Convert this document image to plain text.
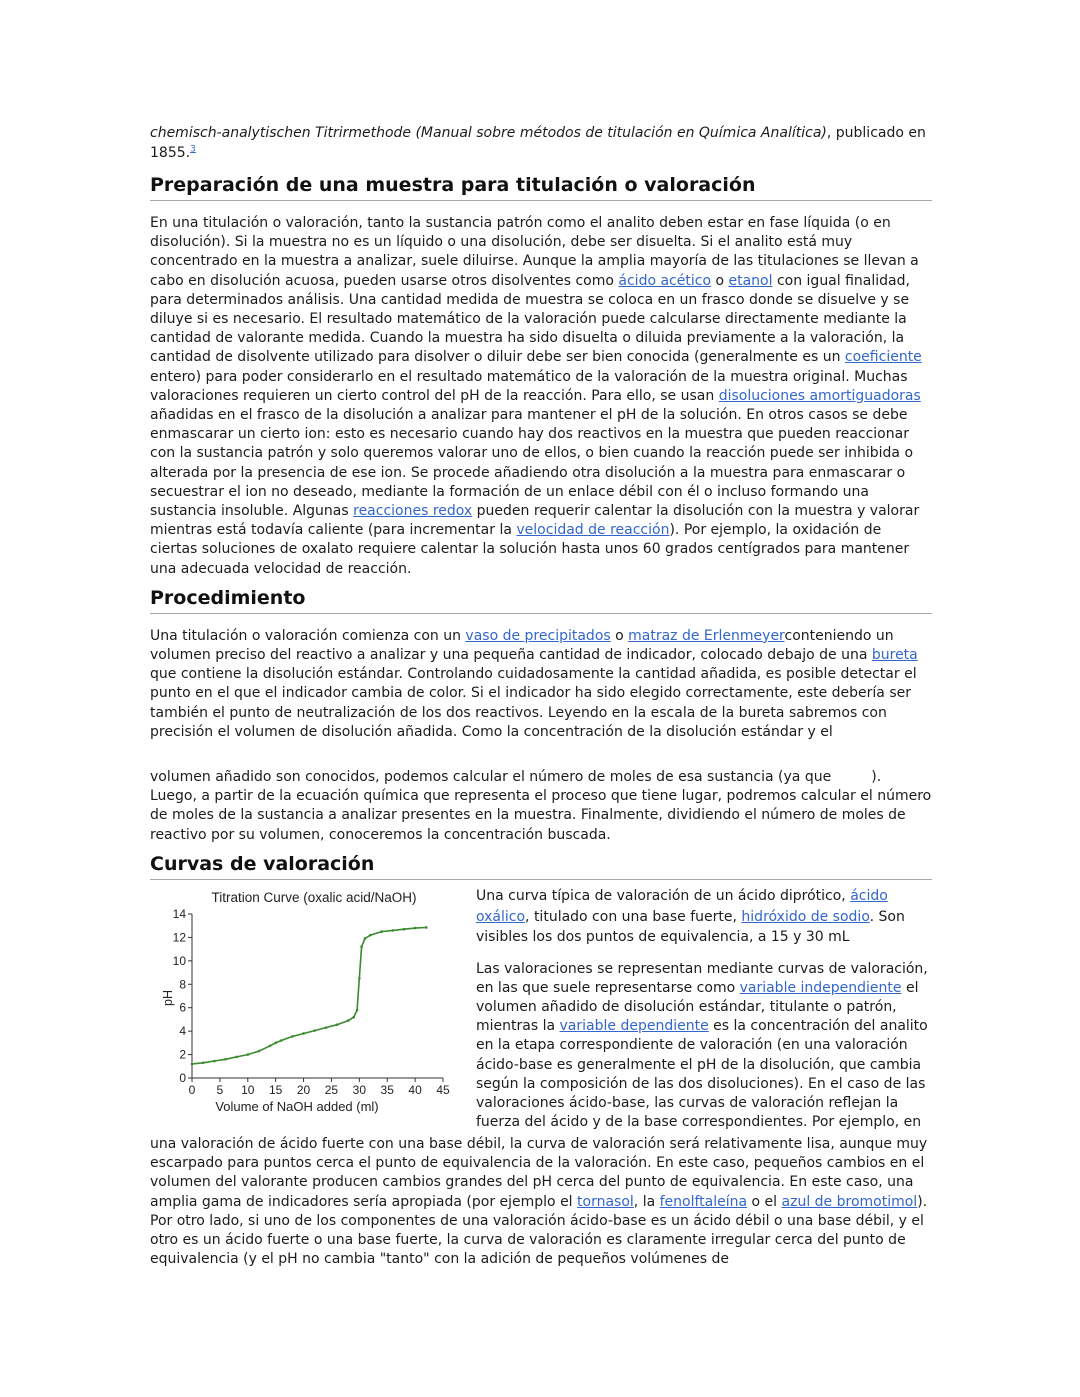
chemisch-analytischen Titrirmethode (Manual sobre métodos de titulación en Química Analítica), publicado en 1855.$^3$

Preparación de una muestra para titulación o valoración

En una titulación o valoración, tanto la sustancia patrón como el analito deben estar en fase líquida (o en disolución). Si la muestra no es un líquido o una disolución, debe ser disuelta. Si el analito está muy concentrado en la muestra a analizar, suele diluirse. Aunque la amplia mayoría de las titulaciones se llevan a cabo en disolución acuosa, pueden usarse otros disolventes como ácido acético o etanol con igual finalidad, para determinados análisis. Una cantidad medida de muestra se coloca en un frasco donde se disuelve y se diluye si es necesario. El resultado matemático de la valoración puede calcularse directamente mediante la cantidad de valorante medida. Cuando la muestra ha sido disuelta o diluida previamente a la valoración, la cantidad de disolvente utilizado para disolver o diluir debe ser bien conocida (generalmente es un coeficiente entero) para poder considerarlo en el resultado matemático de la valoración de la muestra original. Muchas valoraciones requieren un cierto control del pH de la reacción. Para ello, se usan disoluciones amortiguadoras añadidas en el frasco de la disolución a analizar para mantener el pH de la solución. En otros casos se debe enmascarar un cierto ion: esto es necesario cuando hay dos reactivos en la muestra que pueden reaccionar con la sustancia patrón y solo queremos valorar uno de ellos, o bien cuando la reacción puede ser inhibida o alterada por la presencia de ese ion. Se procede añadiendo otra disolución a la muestra para enmascarar o secuestrar el ion no deseado, mediante la formación de un enlace débil con él o incluso formando una sustancia insoluble. Algunas reacciones redox pueden requerir calentar la disolución con la muestra y valorar mientras está todavía caliente (para incrementar la velocidad de reacción). Por ejemplo, la oxidación de ciertas soluciones de oxalato requiere calentar la solución hasta unos 60 grados centígrados para mantener una adecuada velocidad de reacción.

Procedimiento

Una titulación o valoración comienza con un vaso de precipitados o matraz de Erlenmeyerconteniendo un volumen preciso del reactivo a analizar y una pequeña cantidad de indicador, colocado debajo de una bureta que contiene la disolución estándar. Controlando cuidadosamente la cantidad añadida, es posible detectar el punto en el que el indicador cambia de color. Si el indicador ha sido elegido correctamente, este debería ser también el punto de neutralización de los dos reactivos. Leyendo en la escala de la bureta sabremos con precisión el volumen de disolución añadida. Como la concentración de la disolución estándar y el

volumen añadido son conocidos, podemos calcular el número de moles de esa sustancia (ya que         ). Luego, a partir de la ecuación química que representa el proceso que tiene lugar, podremos calcular el número de moles de la sustancia a analizar presentes en la muestra. Finalmente, dividiendo el número de moles de reactivo por su volumen, conoceremos la concentración buscada.

Curvas de valoración
Titration Curve (oxalic acid/NaOH)
pH
Volume of NaOH added (ml)
0
2
4
6
8
10
12
14
0 5 10 15 20 25 30 35 40 45

Una curva típica de valoración de un ácido diprótico, ácido oxálico, titulado con una base fuerte, hidróxido de sodio. Son visibles los dos puntos de equivalencia, a 15 y 30 mL

Las valoraciones se representan mediante curvas de valoración, en las que suele representarse como variable independiente el volumen añadido de disolución estándar, titulante o patrón, mientras la variable dependiente es la concentración del analito en la etapa correspondiente de valoración (en una valoración ácido-base es generalmente el pH de la disolución, que cambia según la composición de las dos disoluciones). En el caso de las valoraciones ácido-base, las curvas de valoración reflejan la fuerza del ácido y de la base correspondientes. Por ejemplo, en

una valoración de ácido fuerte con una base débil, la curva de valoración será relativamente lisa, aunque muy escarpado para puntos cerca el punto de equivalencia de la valoración. En este caso, pequeños cambios en el volumen del valorante producen cambios grandes del pH cerca del punto de equivalencia. En este caso, una amplia gama de indicadores sería apropiada (por ejemplo el tornasol, la fenolftaleína o el azul de bromotimol). Por otro lado, si uno de los componentes de una valoración ácido-base es un ácido débil o una base débil, y el otro es un ácido fuerte o una base fuerte, la curva de valoración es claramente irregular cerca del punto de equivalencia (y el pH no cambia "tanto" con la adición de pequeños volúmenes de
